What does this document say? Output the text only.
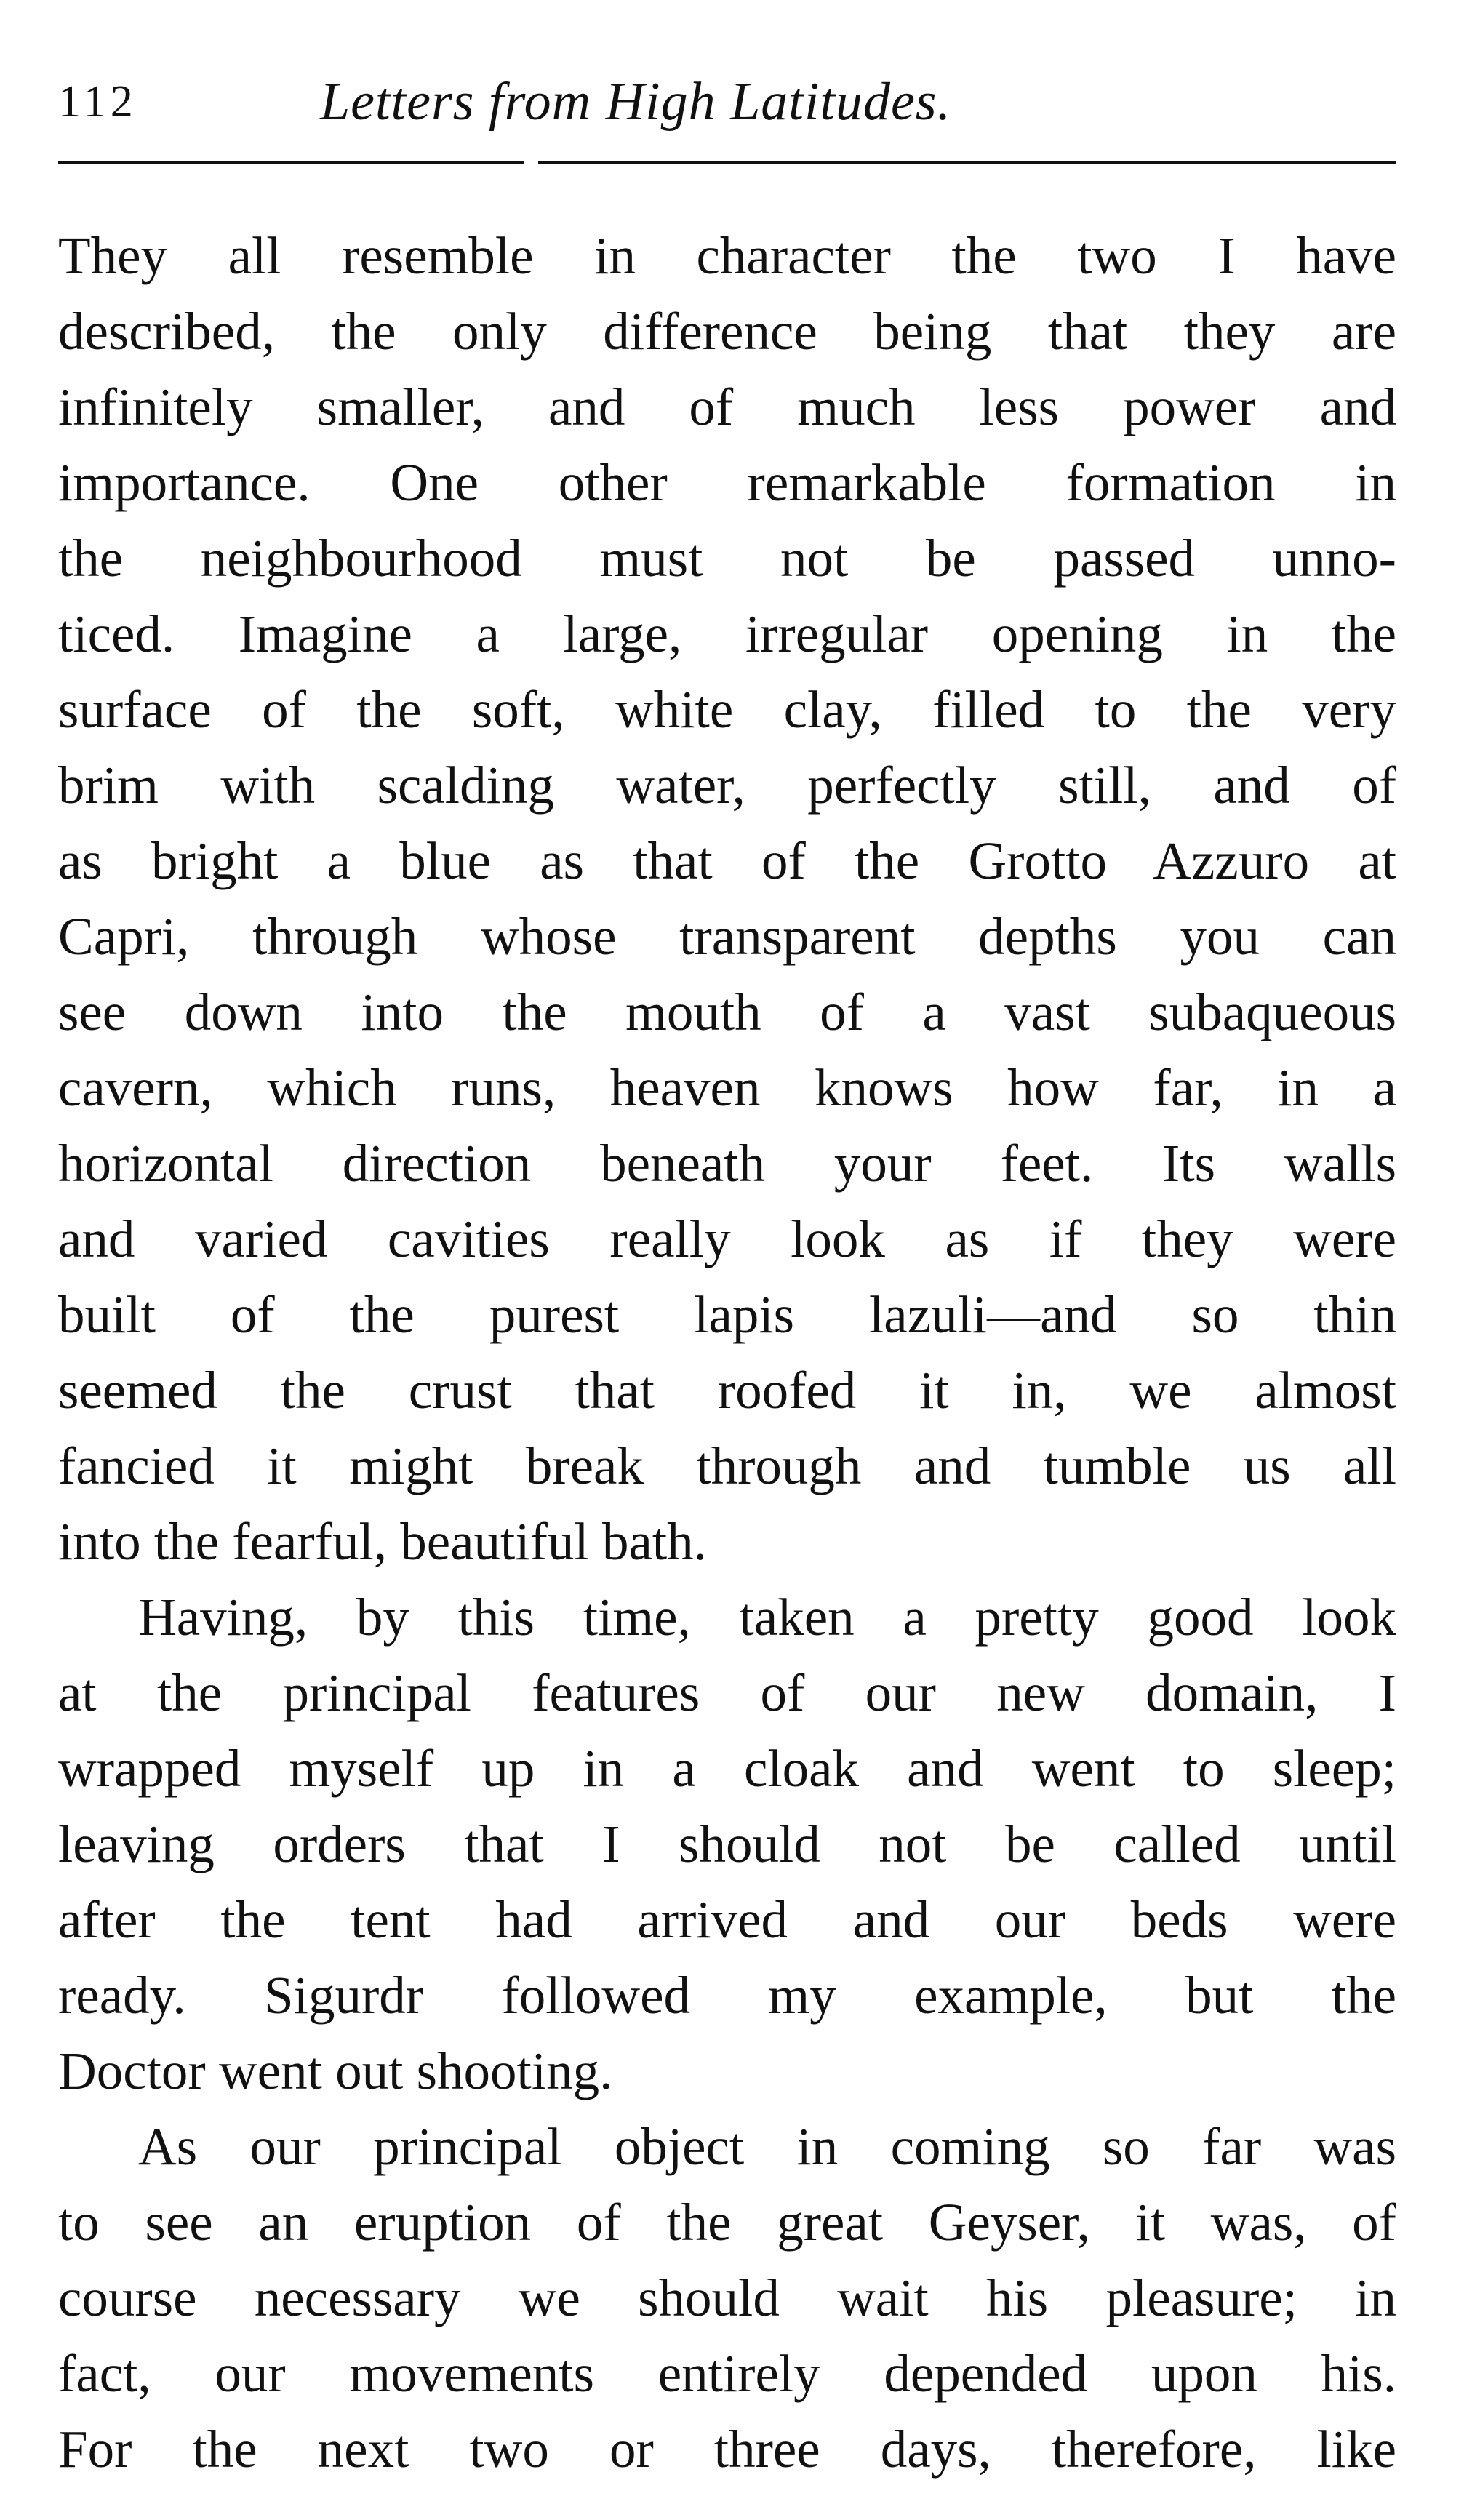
112	Letters from High Latitudes.
They all resemble in character the two I have
described, the only difference being that they are
infinitely smaller, and of much less power and
importance. One other remarkable formation in
the neighbourhood must not be passed unno-
ticed. Imagine a large, irregular opening in the
surface of the soft, white clay, filled to the very
brim with scalding water, perfectly still, and of
as bright a blue as that of the Grotto Azzuro at
Capri, through whose transparent depths you can
see down into the mouth of a vast subaqueous
cavern, which runs, heaven knows how far, in a
horizontal direction beneath your feet. Its walls
and varied cavities really look as if they were
built of the purest lapis lazuli—and so thin
seemed the crust that roofed it in, we almost
fancied it might break through and tumble us all
into the fearful, beautiful bath.
Having, by this time, taken a pretty good look
at the principal features of our new domain, I
wrapped myself up in a cloak and went to sleep;
leaving orders that I should not be called until
after the tent had arrived and our beds were
ready. Sigurdr followed my example, but the
Doctor went out shooting.
As our principal object in coming so far was
to see an eruption of the great Geyser, it was, of
course necessary we should wait his pleasure; in
fact, our movements entirely depended upon his.
For the next two or three days, therefore, like
